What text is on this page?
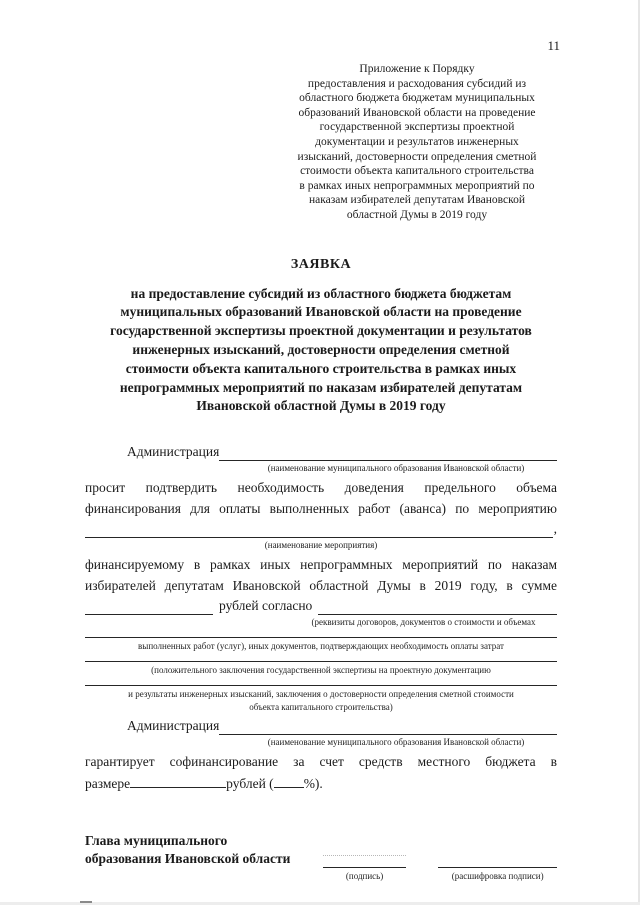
11
Приложение к Порядку
предоставления и расходования субсидий из
областного бюджета бюджетам муниципальных
образований Ивановской области на проведение
государственной экспертизы проектной
документации и результатов инженерных
изысканий, достоверности определения сметной
стоимости объекта капитального строительства
в рамках иных непрограммных мероприятий по
наказам избирателей депутатам Ивановской
областной Думы в 2019 году
ЗАЯВКА
на предоставление субсидий из областного бюджета бюджетам
муниципальных образований Ивановской области на проведение
государственной экспертизы проектной документации и результатов
инженерных изысканий, достоверности определения сметной
стоимости объекта капитального строительства в рамках иных
непрограммных мероприятий по наказам избирателей депутатам
Ивановской областной Думы в 2019 году
Администрация
(наименование муниципального образования Ивановской области)

просит подтвердить необходимость доведения предельного объема финансирования для оплаты выполненных работ (аванса) по мероприятию

,
(наименование мероприятия)

финансируемому в рамках иных непрограммных мероприятий по наказам избирателей депутатам Ивановской областной Думы в 2019 году, в сумме

рублей согласно
(реквизиты договоров, документов о стоимости и объемах
выполненных работ (услуг), иных документов, подтверждающих необходимость оплаты затрат
(положительного заключения государственной экспертизы на проектную документацию
и результаты инженерных изысканий, заключения о достоверности определения сметной стоимости
объекта капитального строительства)
Администрация
(наименование муниципального образования Ивановской области)

гарантирует софинансирование за счет средств местного бюджета в

размере	рублей ( %).
Глава муниципального
образования Ивановской области
(подпись)	(расшифровка подписи)
